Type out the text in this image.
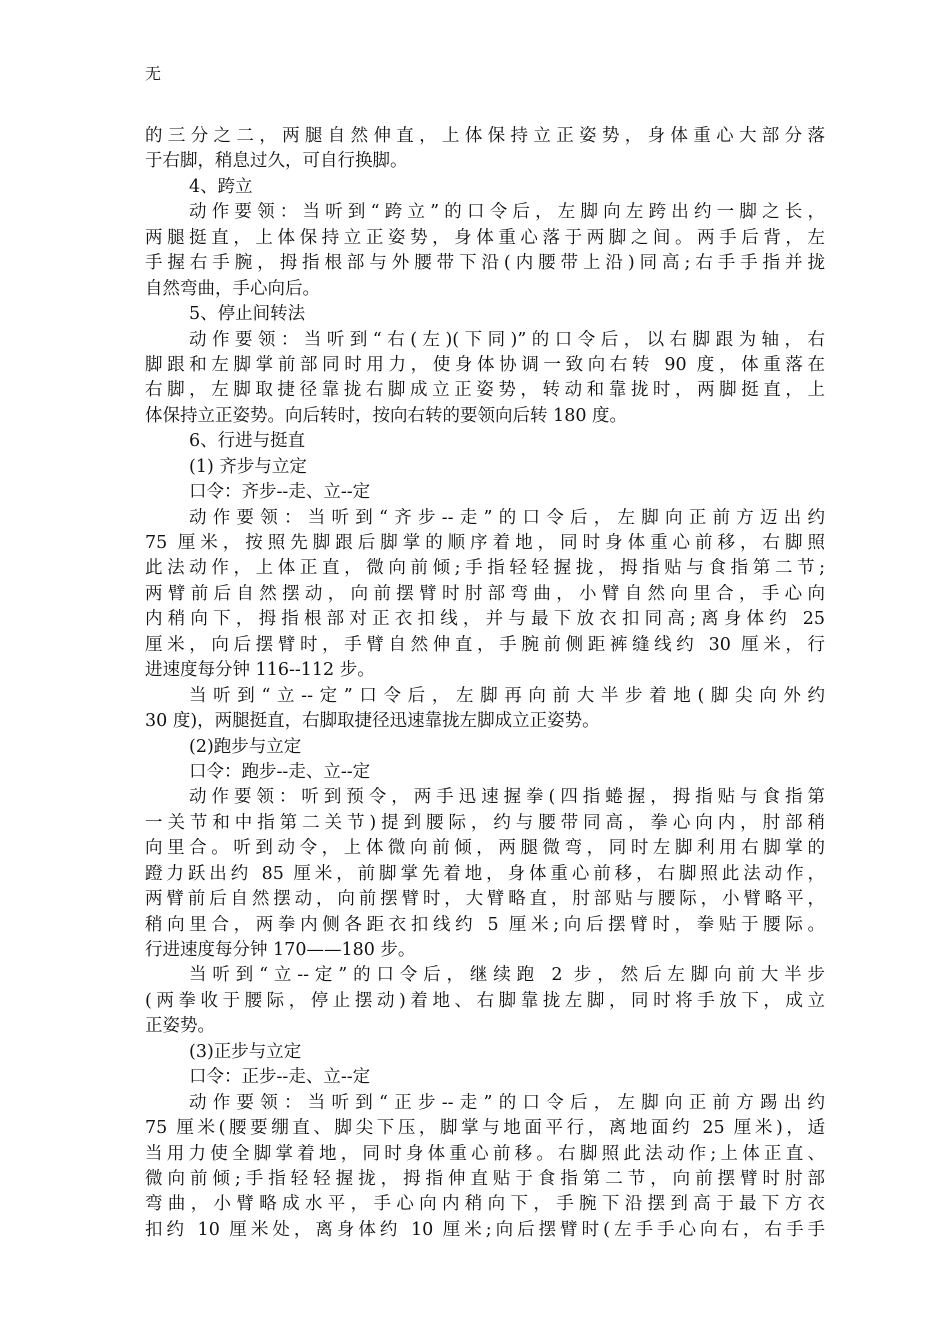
无
的三分之二，两腿自然伸直，上体保持立正姿势，身体重心大部分落
于右脚，稍息过久，可自行换脚。
4、跨立
动作要领：当听到“跨立”的口令后，左脚向左跨出约一脚之长，
两腿挺直，上体保持立正姿势，身体重心落于两脚之间。两手后背，左
手握右手腕，拇指根部与外腰带下沿(内腰带上沿)同高;右手手指并拢
自然弯曲，手心向后。
5、停止间转法
动作要领：当听到“右(左)(下同)”的口令后，以右脚跟为轴，右
脚跟和左脚掌前部同时用力，使身体协调一致向右转 90 度，体重落在
右脚，左脚取捷径靠拢右脚成立正姿势，转动和靠拢时，两脚挺直，上
体保持立正姿势。向后转时，按向右转的要领向后转 180 度。
6、行进与挺直
(1) 齐步与立定
口令：齐步--走、立--定
动作要领：当听到“齐步--走”的口令后，左脚向正前方迈出约
75 厘米，按照先脚跟后脚掌的顺序着地，同时身体重心前移，右脚照
此法动作，上体正直，微向前倾;手指轻轻握拢，拇指贴与食指第二节;
两臂前后自然摆动，向前摆臂时肘部弯曲，小臂自然向里合，手心向
内稍向下，拇指根部对正衣扣线，并与最下放衣扣同高;离身体约 25
厘米，向后摆臂时，手臂自然伸直，手腕前侧距裤缝线约 30 厘米，行
进速度每分钟 116--112 步。
当听到“立--定”口令后，左脚再向前大半步着地(脚尖向外约
30 度)，两腿挺直，右脚取捷径迅速靠拢左脚成立正姿势。
(2)跑步与立定
口令：跑步--走、立--定
动作要领：听到预令，两手迅速握拳(四指蜷握，拇指贴与食指第
一关节和中指第二关节)提到腰际，约与腰带同高，拳心向内，肘部稍
向里合。听到动令，上体微向前倾，两腿微弯，同时左脚利用右脚掌的
蹬力跃出约 85 厘米，前脚掌先着地，身体重心前移，右脚照此法动作，
两臂前后自然摆动，向前摆臂时，大臂略直，肘部贴与腰际，小臂略平，
稍向里合，两拳内侧各距衣扣线约 5 厘米;向后摆臂时，拳贴于腰际。
行进速度每分钟 170——180 步。
当听到“立--定”的口令后，继续跑 2 步，然后左脚向前大半步
(两拳收于腰际，停止摆动)着地、右脚靠拢左脚，同时将手放下，成立
正姿势。
(3)正步与立定
口令：正步--走、立--定
动作要领：当听到“正步--走”的口令后，左脚向正前方踢出约
75 厘米(腰要绷直、脚尖下压，脚掌与地面平行，离地面约 25 厘米)，适
当用力使全脚掌着地，同时身体重心前移。右脚照此法动作;上体正直、
微向前倾;手指轻轻握拢，拇指伸直贴于食指第二节，向前摆臂时肘部
弯曲，小臂略成水平，手心向内稍向下，手腕下沿摆到高于最下方衣
扣约 10 厘米处，离身体约 10 厘米;向后摆臂时(左手手心向右，右手手
